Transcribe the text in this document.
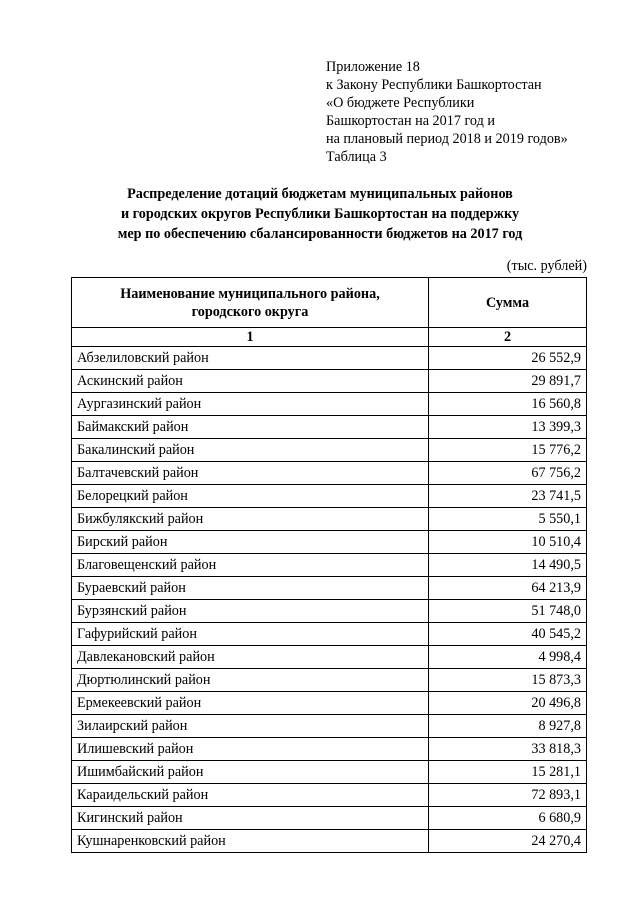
Приложение 18
к Закону Республики Башкортостан
«О бюджете Республики
Башкортостан на 2017 год и
на плановый период 2018 и 2019 годов»
Таблица 3
Распределение дотаций бюджетам муниципальных районов
и городских округов Республики Башкортостан на поддержку
мер по обеспечению сбалансированности бюджетов на 2017 год
(тыс. рублей)
Наименование муниципального района,
городского округа	Сумма
1	2
Абзелиловский район	26 552,9
Аскинский район	29 891,7
Аургазинский район	16 560,8
Баймакский район	13 399,3
Бакалинский район	15 776,2
Балтачевский район	67 756,2
Белорецкий район	23 741,5
Бижбулякский район	5 550,1
Бирский район	10 510,4
Благовещенский район	14 490,5
Бураевский район	64 213,9
Бурзянский район	51 748,0
Гафурийский район	40 545,2
Давлекановский район	4 998,4
Дюртюлинский район	15 873,3
Ермекеевский район	20 496,8
Зилаирский район	8 927,8
Илишевский район	33 818,3
Ишимбайский район	15 281,1
Караидельский район	72 893,1
Кигинский район	6 680,9
Кушнаренковский район	24 270,4
